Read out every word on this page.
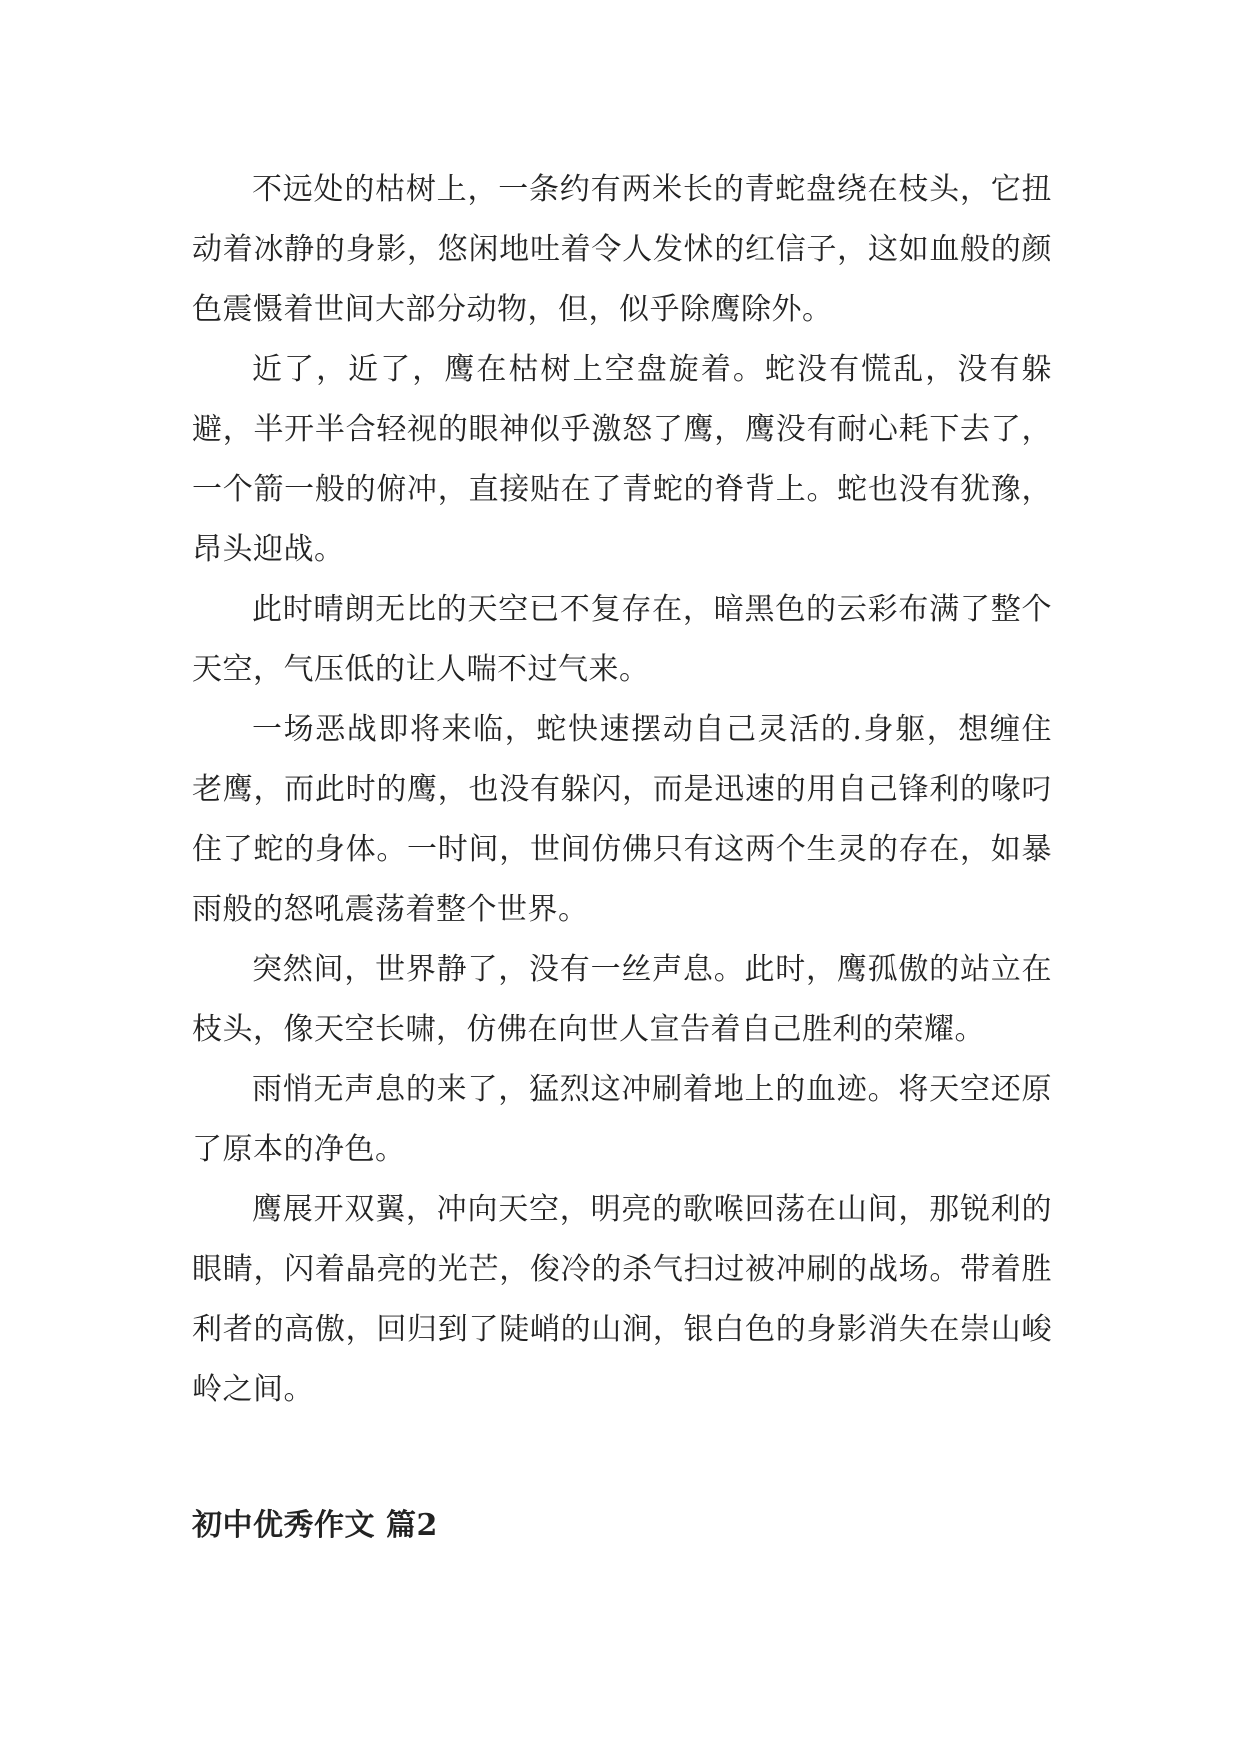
不远处的枯树上，一条约有两米长的青蛇盘绕在枝头，它扭动着冰静的身影，悠闲地吐着令人发怵的红信子，这如血般的颜色震慑着世间大部分动物，但，似乎除鹰除外。

近了，近了，鹰在枯树上空盘旋着。蛇没有慌乱，没有躲避，半开半合轻视的眼神似乎激怒了鹰，鹰没有耐心耗下去了，一个箭一般的俯冲，直接贴在了青蛇的脊背上。蛇也没有犹豫，昂头迎战。

此时晴朗无比的天空已不复存在，暗黑色的云彩布满了整个天空，气压低的让人喘不过气来。

一场恶战即将来临，蛇快速摆动自己灵活的.身躯，想缠住老鹰，而此时的鹰，也没有躲闪，而是迅速的用自己锋利的喙叼住了蛇的身体。一时间，世间仿佛只有这两个生灵的存在，如暴雨般的怒吼震荡着整个世界。

突然间，世界静了，没有一丝声息。此时，鹰孤傲的站立在枝头，像天空长啸，仿佛在向世人宣告着自己胜利的荣耀。

雨悄无声息的来了，猛烈这冲刷着地上的血迹。将天空还原了原本的净色。

鹰展开双翼，冲向天空，明亮的歌喉回荡在山间，那锐利的眼睛，闪着晶亮的光芒，俊冷的杀气扫过被冲刷的战场。带着胜利者的高傲，回归到了陡峭的山涧，银白色的身影消失在崇山峻岭之间。

初中优秀作文 篇2
